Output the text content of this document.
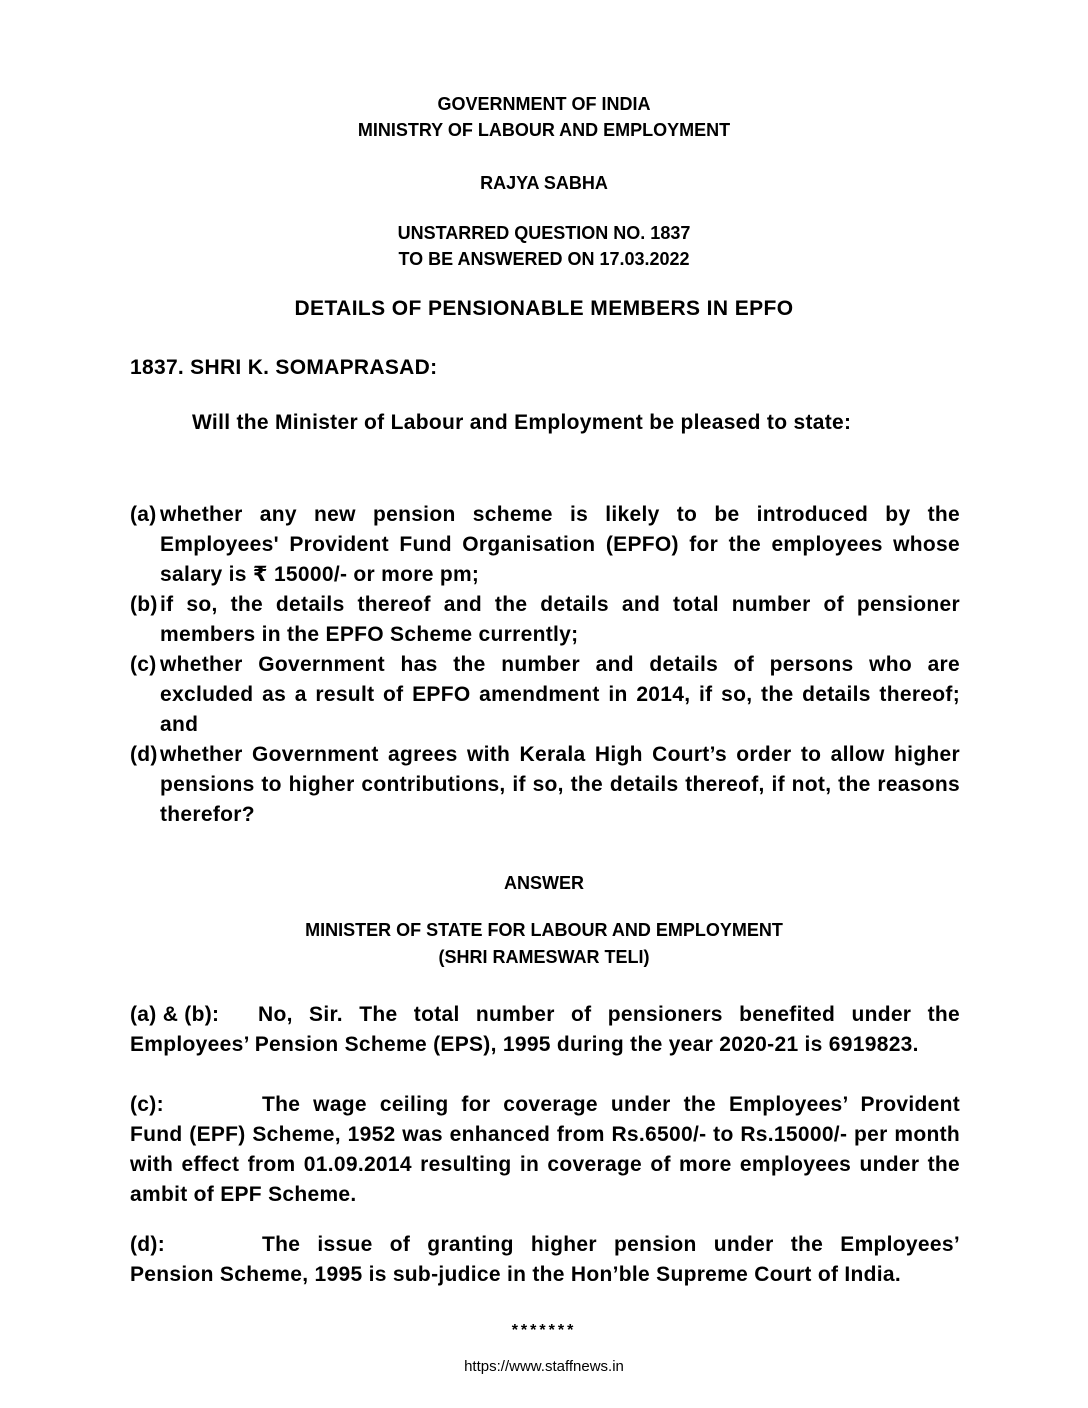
GOVERNMENT OF INDIA
MINISTRY OF LABOUR AND EMPLOYMENT
RAJYA SABHA
UNSTARRED QUESTION NO. 1837
TO BE ANSWERED ON 17.03.2022
DETAILS OF PENSIONABLE MEMBERS IN EPFO
1837. SHRI K. SOMAPRASAD:
Will the Minister of Labour and Employment be pleased to state:
(a) whether any new pension scheme is likely to be introduced by the Employees' Provident Fund Organisation (EPFO) for the employees whose salary is ₹ 15000/- or more pm;
(b) if so, the details thereof and the details and total number of pensioner members in the EPFO Scheme currently;
(c) whether Government has the number and details of persons who are excluded as a result of EPFO amendment in 2014, if so, the details thereof; and
(d) whether Government agrees with Kerala High Court’s order to allow higher pensions to higher contributions, if so, the details thereof, if not, the reasons therefor?
ANSWER
MINISTER OF STATE FOR LABOUR AND EMPLOYMENT
(SHRI RAMESWAR TELI)
(a) & (b): No, Sir. The total number of pensioners benefited under the Employees’ Pension Scheme (EPS), 1995 during the year 2020-21 is 6919823.
(c):	The wage ceiling for coverage under the Employees’ Provident Fund (EPF) Scheme, 1952 was enhanced from Rs.6500/- to Rs.15000/- per month with effect from 01.09.2014 resulting in coverage of more employees under the ambit of EPF Scheme.
(d):	The issue of granting higher pension under the Employees’ Pension Scheme, 1995 is sub-judice in the Hon’ble Supreme Court of India.
*******
https://www.staffnews.in
